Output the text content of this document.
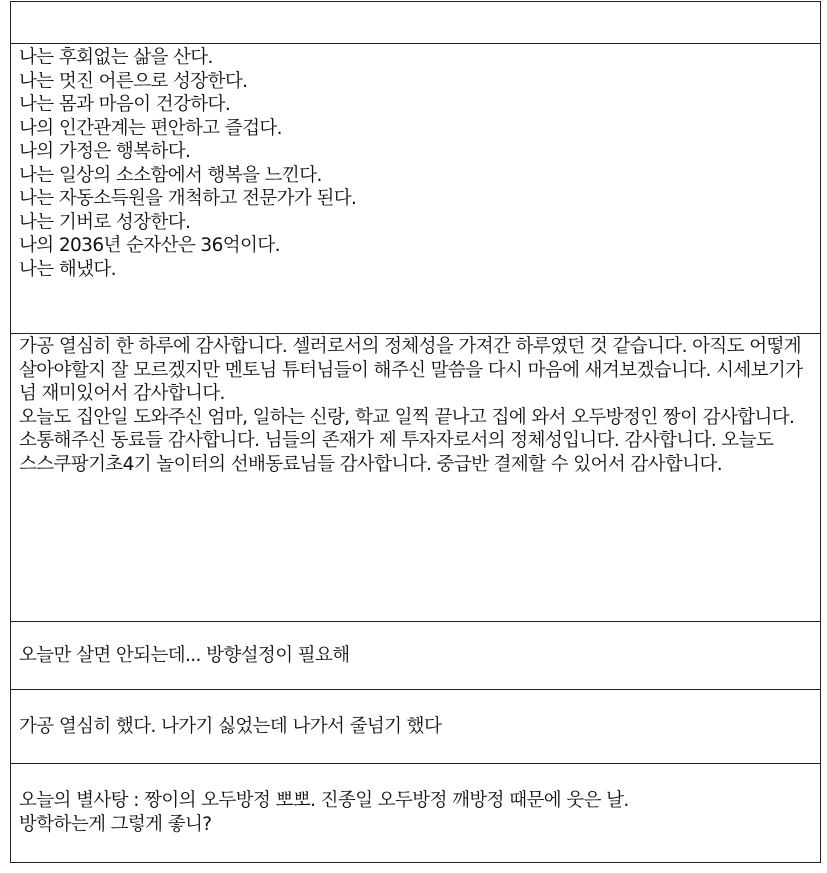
나는 후회없는 삶을 산다.
나는 멋진 어른으로 성장한다.
나는 몸과 마음이 건강하다.
나의 인간관계는 편안하고 즐겁다.
나의 가정은 행복하다.
나는 일상의 소소함에서 행복을 느낀다.
나는 자동소득원을 개척하고 전문가가 된다.
나는 기버로 성장한다.
나의 2036년 순자산은 36억이다.
나는 해냈다.
가공 열심히 한 하루에 감사합니다. 셀러로서의 정체성을 가져간 하루였던 것 같습니다. 아직도 어떻게 살아야할지 잘 모르겠지만 멘토님 튜터님들이 해주신 말씀을 다시 마음에 새겨보겠습니다. 시세보기가 넘 재미있어서 감사합니다.
오늘도 집안일 도와주신 엄마, 일하는 신랑, 학교 일찍 끝나고 집에 와서 오두방정인 짱이 감사합니다. 소통해주신 동료들 감사합니다. 님들의 존재가 제 투자자로서의 정체성입니다. 감사합니다. 오늘도 스스쿠팡기초4기 놀이터의 선배동료님들 감사합니다. 중급반 결제할 수 있어서 감사합니다.
오늘만 살면 안되는데... 방향설정이 필요해
가공 열심히 했다. 나가기 싫었는데 나가서 줄넘기 했다
오늘의 별사탕 : 짱이의 오두방정 뽀뽀. 진종일 오두방정 깨방정 때문에 웃은 날.
방학하는게 그렇게 좋니?
